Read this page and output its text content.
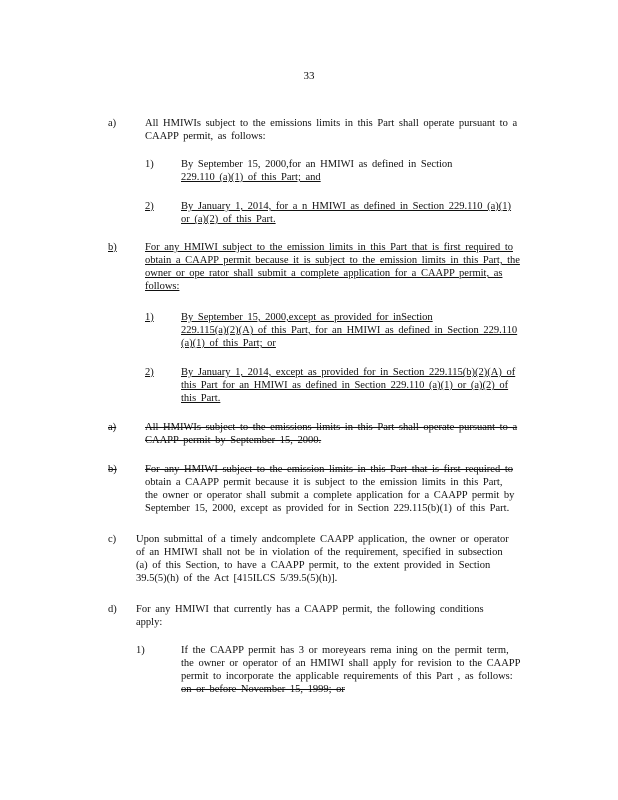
33
a)	All HMIWIs subject to the emissions limits in this Part shall operate pursuant to a
CAAPP permit, as follows:
1)	By September 15, 2000,for an HMIWI as defined in Section
229.110 (a)(1) of this Part; and
2)	By January 1, 2014, for a n HMIWI as defined in Section 229.110 (a)(1)
or (a)(2) of this Part.
b)	For any HMIWI subject to the emission limits in this Part that is first required to
obtain a CAAPP permit because it is subject to the emission limits in this Part, the
owner or ope rator shall submit a complete application for a CAAPP permit, as
follows:
1)	By September 15, 2000,except as provided for inSection
229.115(a)(2)(A) of this Part, for an HMIWI as defined in Section 229.110
(a)(1) of this Part; or
2)	By January 1, 2014, except as provided for in Section 229.115(b)(2)(A) of
this Part for an HMIWI as defined in Section 229.110 (a)(1) or (a)(2) of
this Part.
a)	All HMIWIs subject to the emissions limits in this Part shall operate pursuant to a
CAAPP permit by September 15, 2000.
b)	For any HMIWI subject to the emission limits in this Part that is first required to
obtain a CAAPP permit because it is subject to the emission limits in this Part,
the owner or operator shall submit a complete application for a CAAPP permit by
September 15, 2000, except as provided for in Section 229.115(b)(1) of this Part.
c) Upon submittal of a timely andcomplete CAAPP application, the owner or operator
of an HMIWI shall not be in violation of the requirement, specified in subsection
(a) of this Section, to have a CAAPP permit, to the extent provided in Section
39.5(5)(h) of the Act [415ILCS 5/39.5(5)(h)].
d) For any HMIWI that currently has a CAAPP permit, the following conditions
apply:
1)	If the CAAPP permit has 3 or moreyears rema ining on the permit term,
the owner or operator of an HMIWI shall apply for revision to the CAAPP
permit to incorporate the applicable requirements of this Part , as follows:
on or before November 15, 1999; or
